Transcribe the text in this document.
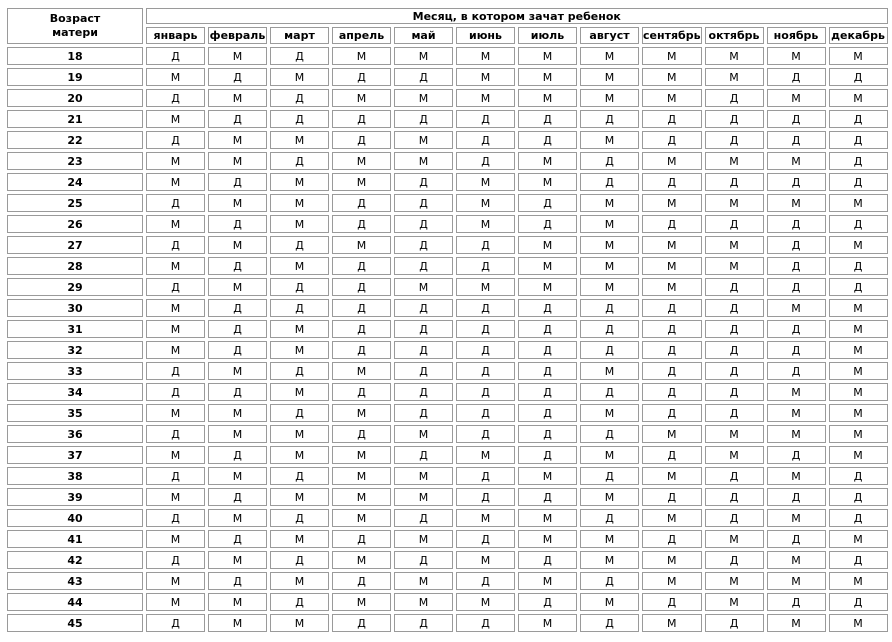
Возраст
матери	Месяц, в котором зачат ребенок											
	январь	февраль	март	апрель	май	июнь	июль	август	сентябрь	октябрь	ноябрь	декабрь
18	Д	М	Д	М	М	М	М	М	М	М	М	М
19	М	Д	М	Д	Д	М	М	М	М	М	Д	Д
20	Д	М	Д	М	М	М	М	М	М	Д	М	М
21	М	Д	Д	Д	Д	Д	Д	Д	Д	Д	Д	Д
22	Д	М	М	Д	М	Д	Д	М	Д	Д	Д	Д
23	М	М	Д	М	М	Д	М	Д	М	М	М	Д
24	М	Д	М	М	Д	М	М	Д	Д	Д	Д	Д
25	Д	М	М	Д	Д	М	Д	М	М	М	М	М
26	М	Д	М	Д	Д	М	Д	М	Д	Д	Д	Д
27	Д	М	Д	М	Д	Д	М	М	М	М	Д	М
28	М	Д	М	Д	Д	Д	М	М	М	М	Д	Д
29	Д	М	Д	Д	М	М	М	М	М	Д	Д	Д
30	М	Д	Д	Д	Д	Д	Д	Д	Д	Д	М	М
31	М	Д	М	Д	Д	Д	Д	Д	Д	Д	Д	М
32	М	Д	М	Д	Д	Д	Д	Д	Д	Д	Д	М
33	Д	М	Д	М	Д	Д	Д	М	Д	Д	Д	М
34	Д	Д	М	Д	Д	Д	Д	Д	Д	Д	М	М
35	М	М	Д	М	Д	Д	Д	М	Д	Д	М	М
36	Д	М	М	Д	М	Д	Д	Д	М	М	М	М
37	М	Д	М	М	Д	М	Д	М	Д	М	Д	М
38	Д	М	Д	М	М	Д	М	Д	М	Д	М	Д
39	М	Д	М	М	М	Д	Д	М	Д	Д	Д	Д
40	Д	М	Д	М	Д	М	М	Д	М	Д	М	Д
41	М	Д	М	Д	М	Д	М	М	Д	М	Д	М
42	Д	М	Д	М	Д	М	Д	М	М	Д	М	Д
43	М	Д	М	Д	М	Д	М	Д	М	М	М	М
44	М	М	Д	М	М	М	Д	М	Д	М	Д	Д
45	Д	М	М	Д	Д	Д	М	Д	М	Д	М	М
